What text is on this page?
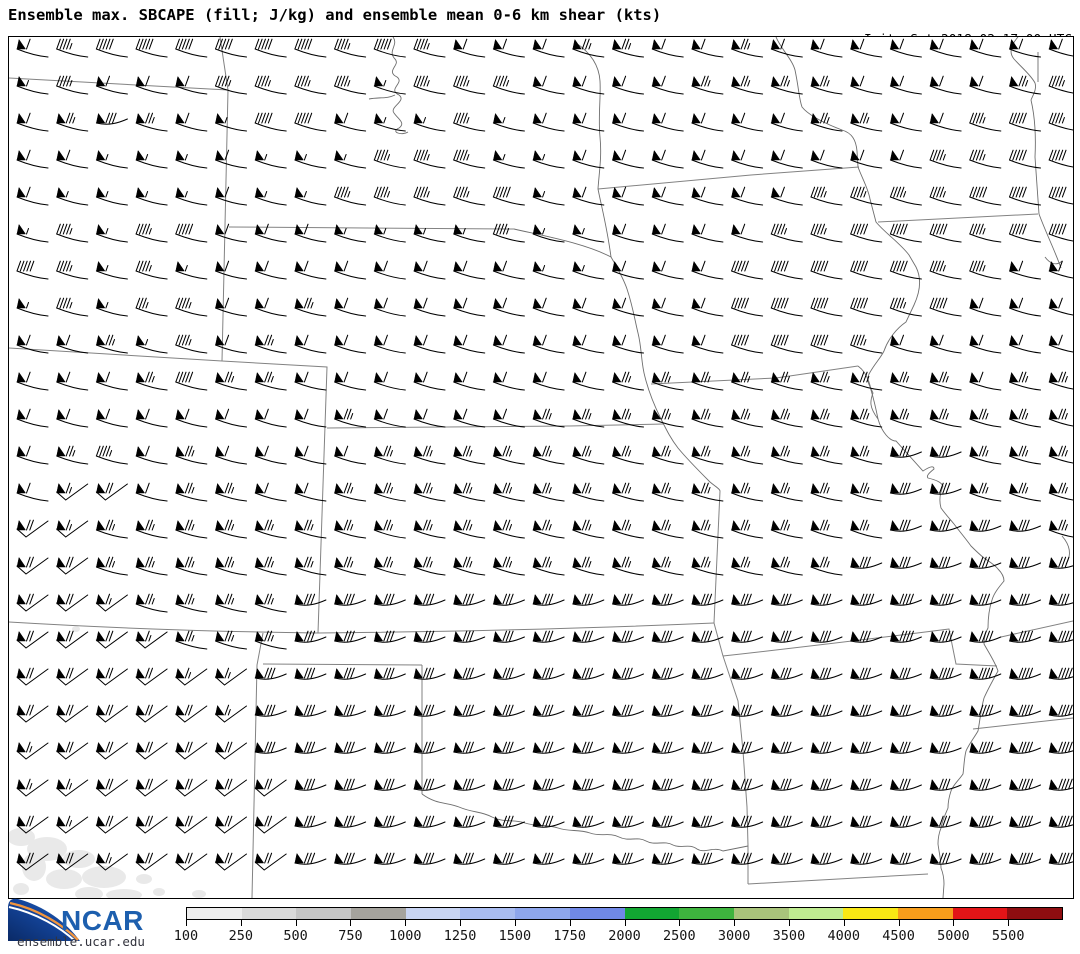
Ensemble max. SBCAPE (fill; J/kg) and ensemble mean 0-6 km shear (kts)

NCAR
ensemble.ucar.edu 100 250 500 750 1000 1250 1500 1750 2000 2500 3000 3500 4000 4500 5000 5500
